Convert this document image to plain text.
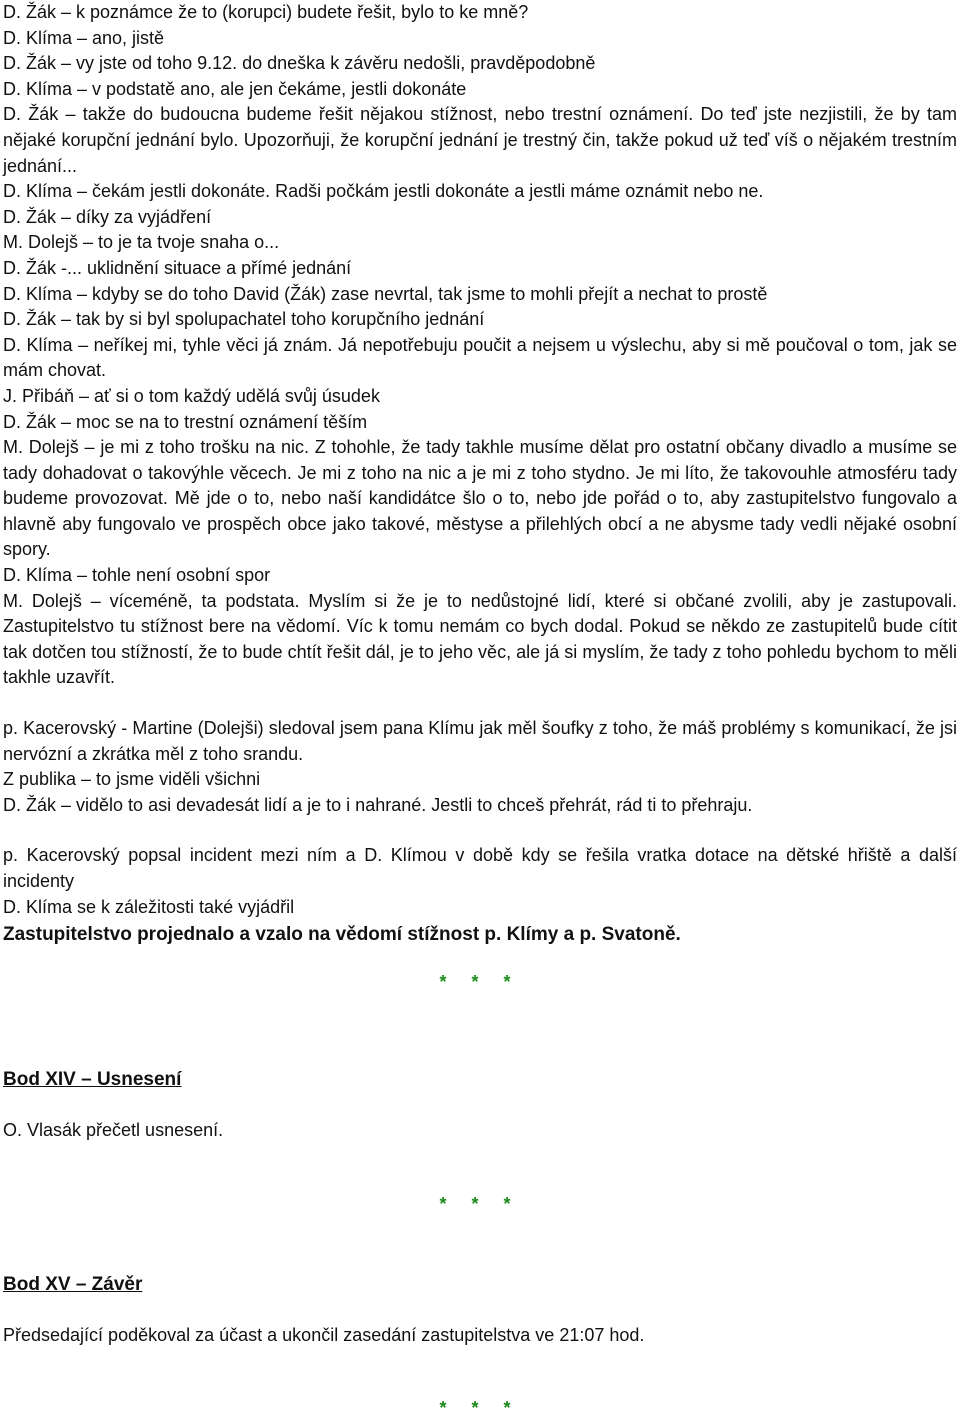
D. Žák – k poznámce že to (korupci) budete řešit, bylo to ke mně?

D. Klíma – ano, jistě

D. Žák – vy jste od toho 9.12. do dneška k závěru nedošli, pravděpodobně

D. Klíma – v podstatě ano, ale jen čekáme, jestli dokonáte

D. Žák – takže do budoucna budeme řešit nějakou stížnost, nebo trestní oznámení. Do teď jste nezjistili, že by tam nějaké korupční jednání bylo. Upozorňuji, že korupční jednání je trestný čin, takže pokud už teď víš o nějakém trestním jednání...

D. Klíma – čekám jestli dokonáte. Radši počkám jestli dokonáte a jestli máme oznámit nebo ne.

D. Žák – díky za vyjádření

M. Dolejš – to je ta tvoje snaha o...

D. Žák -... uklidnění situace a přímé jednání

D. Klíma – kdyby se do toho David (Žák) zase nevrtal, tak jsme to mohli přejít a nechat to prostě

D. Žák – tak by si byl spolupachatel toho korupčního jednání

D. Klíma – neříkej mi, tyhle věci já znám. Já nepotřebuju poučit a nejsem u výslechu, aby si mě poučoval o tom, jak se mám chovat.

J. Přibáň – ať si o tom každý udělá svůj úsudek

D. Žák – moc se na to trestní oznámení těším

M. Dolejš – je mi z toho trošku na nic. Z tohohle, že tady takhle musíme dělat pro ostatní občany divadlo a musíme se tady dohadovat o takovýhle věcech. Je mi z toho na nic a je mi z toho stydno. Je mi líto, že takovouhle atmosféru tady budeme provozovat. Mě jde o to, nebo naší kandidátce šlo o to, nebo jde pořád o to, aby zastupitelstvo fungovalo a hlavně aby fungovalo ve prospěch obce jako takové, městyse a přilehlých obcí a ne abysme tady vedli nějaké osobní spory.

D. Klíma – tohle není osobní spor

M. Dolejš – víceméně, ta podstata. Myslím si že je to nedůstojné lidí, které si občané zvolili, aby je zastupovali. Zastupitelstvo tu stížnost bere na vědomí. Víc k tomu nemám co bych dodal. Pokud se někdo ze zastupitelů bude cítit tak dotčen tou stížností, že to bude chtít řešit dál, je to jeho věc, ale já si myslím, že tady z toho pohledu bychom to měli takhle uzavřít.

p. Kacerovský - Martine (Dolejši) sledoval jsem pana Klímu jak měl šoufky z toho, že máš problémy s komunikací, že jsi nervózní a zkrátka měl z toho srandu.

Z publika – to jsme viděli všichni

D. Žák – vidělo to asi devadesát lidí a je to i nahrané. Jestli to chceš přehrát, rád ti to přehraju.

p. Kacerovský popsal incident mezi ním a D. Klímou v době kdy se řešila vratka dotace na dětské hřiště a další incidenty

D. Klíma se k záležitosti také vyjádřil

Zastupitelstvo projednalo a vzalo na vědomí stížnost p. Klímy a p. Svatoně.

* * *

Bod XIV – Usnesení

O. Vlasák přečetl usnesení.

* * *

Bod XV – Závěr

Předsedající poděkoval za účast a ukončil zasedání zastupitelstva ve 21:07 hod.

* * *
